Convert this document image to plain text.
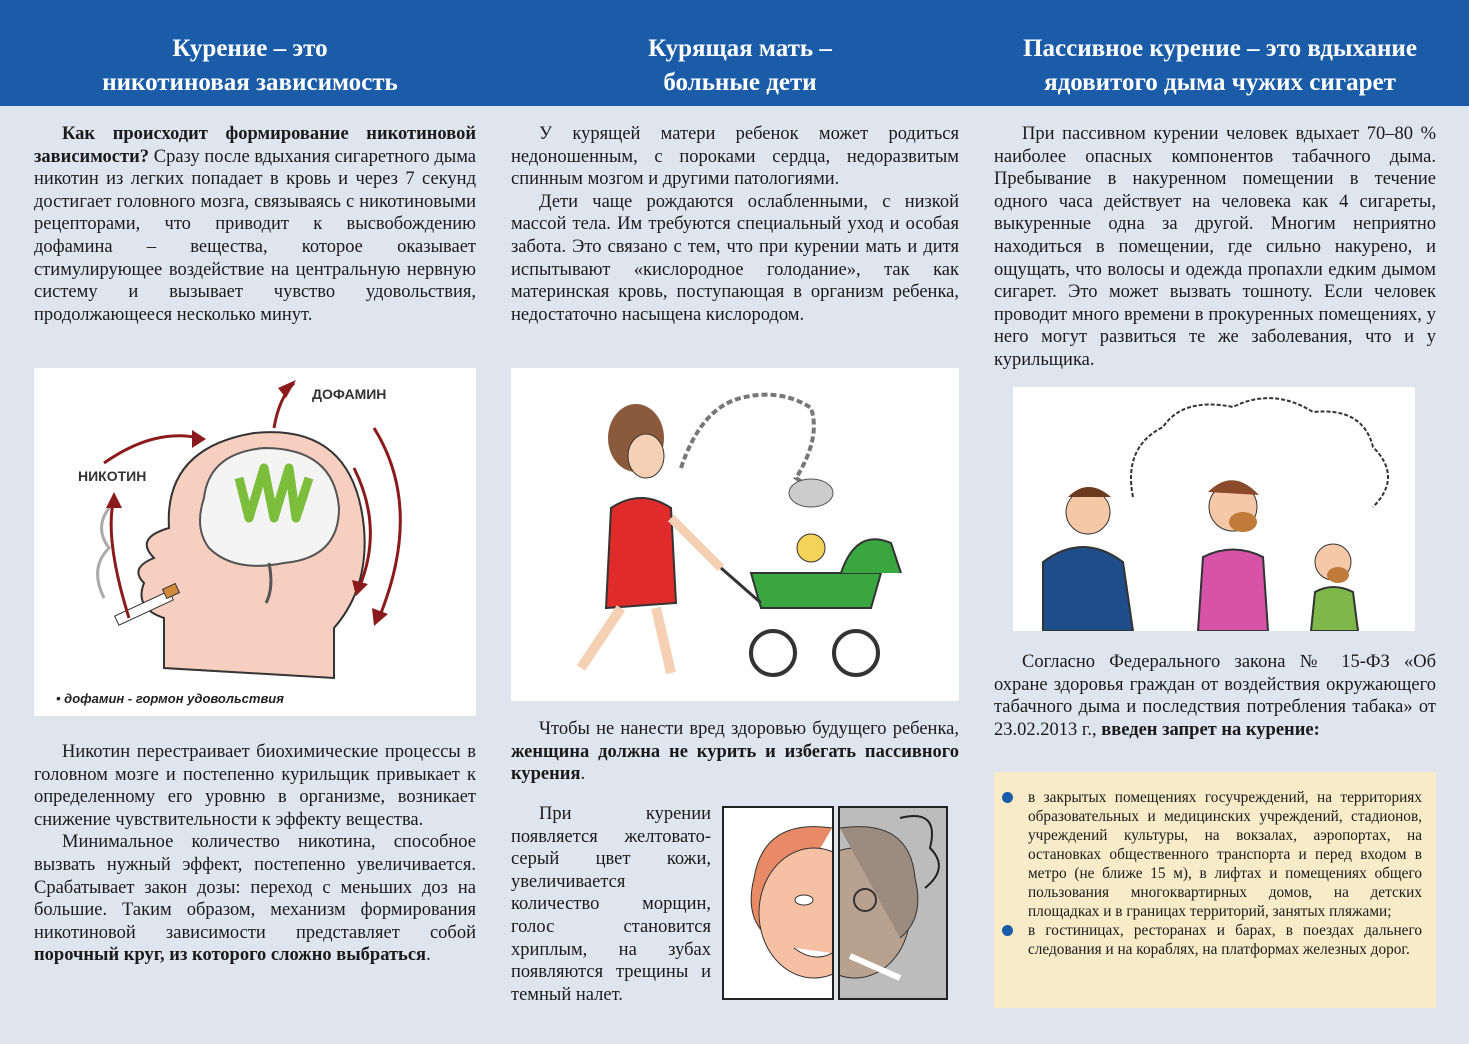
Курение – это
никотиновая зависимость
Курящая мать –
больные дети
Пассивное курение – это вдыхание
ядовитого дыма чужих сигарет

Как происходит формирование никотиновой зависимости? Сразу после вдыхания сигаретного дыма никотин из легких попадает в кровь и через 7 секунд достигает головного мозга, связываясь с никотиновыми рецепторами, что приводит к высвобождению дофамина – вещества, которое оказывает стимулирующее воздействие на центральную нервную систему и вызывает чувство удовольствия, продолжающееся несколько минут.

ДОФАМИН
НИКОТИН
• дофамин - гормон удовольствия

Никотин перестраивает биохимические процессы в головном мозге и постепенно курильщик привыкает к определенному его уровню в организме, возникает снижение чувствительности к эффекту вещества.

Минимальное количество никотина, способное вызвать нужный эффект, постепенно увеличивается. Срабатывает закон дозы: переход с меньших доз на большие. Таким образом, механизм формирования никотиновой зависимости представляет собой порочный круг, из которого сложно выбраться.

У курящей матери ребенок может родиться недоношенным, с пороками сердца, недоразвитым спинным мозгом и другими патологиями.

Дети чаще рождаются ослабленными, с низкой массой тела. Им требуются специальный уход и особая забота. Это связано с тем, что при курении мать и дитя испытывают «кислородное голодание», так как материнская кровь, поступающая в организм ребенка, недостаточно насыщена кислородом.

Чтобы не нанести вред здоровью будущего ребенка, женщина должна не курить и избегать пассивного курения.

При курении появляется желтовато-серый цвет кожи, увеличивается количество морщин, голос становится хриплым, на зубах появляются трещины и темный налет.

При пассивном курении человек вдыхает 70–80 % наиболее опасных компонентов табачного дыма. Пребывание в накуренном помещении в течение одного часа действует на человека как 4 сигареты, выкуренные одна за другой. Многим неприятно находиться в помещении, где сильно накурено, и ощущать, что волосы и одежда пропахли едким дымом сигарет. Это может вызвать тошноту. Если человек проводит много времени в прокуренных помещениях, у него могут развиться те же заболевания, что и у курильщика.

Согласно Федерального закона № 15-ФЗ «Об охране здоровья граждан от воздействия окружающего табачного дыма и последствия потребления табака» от 23.02.2013 г., введен запрет на курение:

в закрытых помещениях госучреждений, на территориях образовательных и медицинских учреждений, стадионов, учреждений культуры, на вокзалах, аэропортах, на остановках общественного транспорта и перед входом в метро (не ближе 15 м), в лифтах и помещениях общего пользования многоквартирных домов, на детских площадках и в границах территорий, занятых пляжами;

в гостиницах, ресторанах и барах, в поездах дальнего следования и на кораблях, на платформах железных дорог.
